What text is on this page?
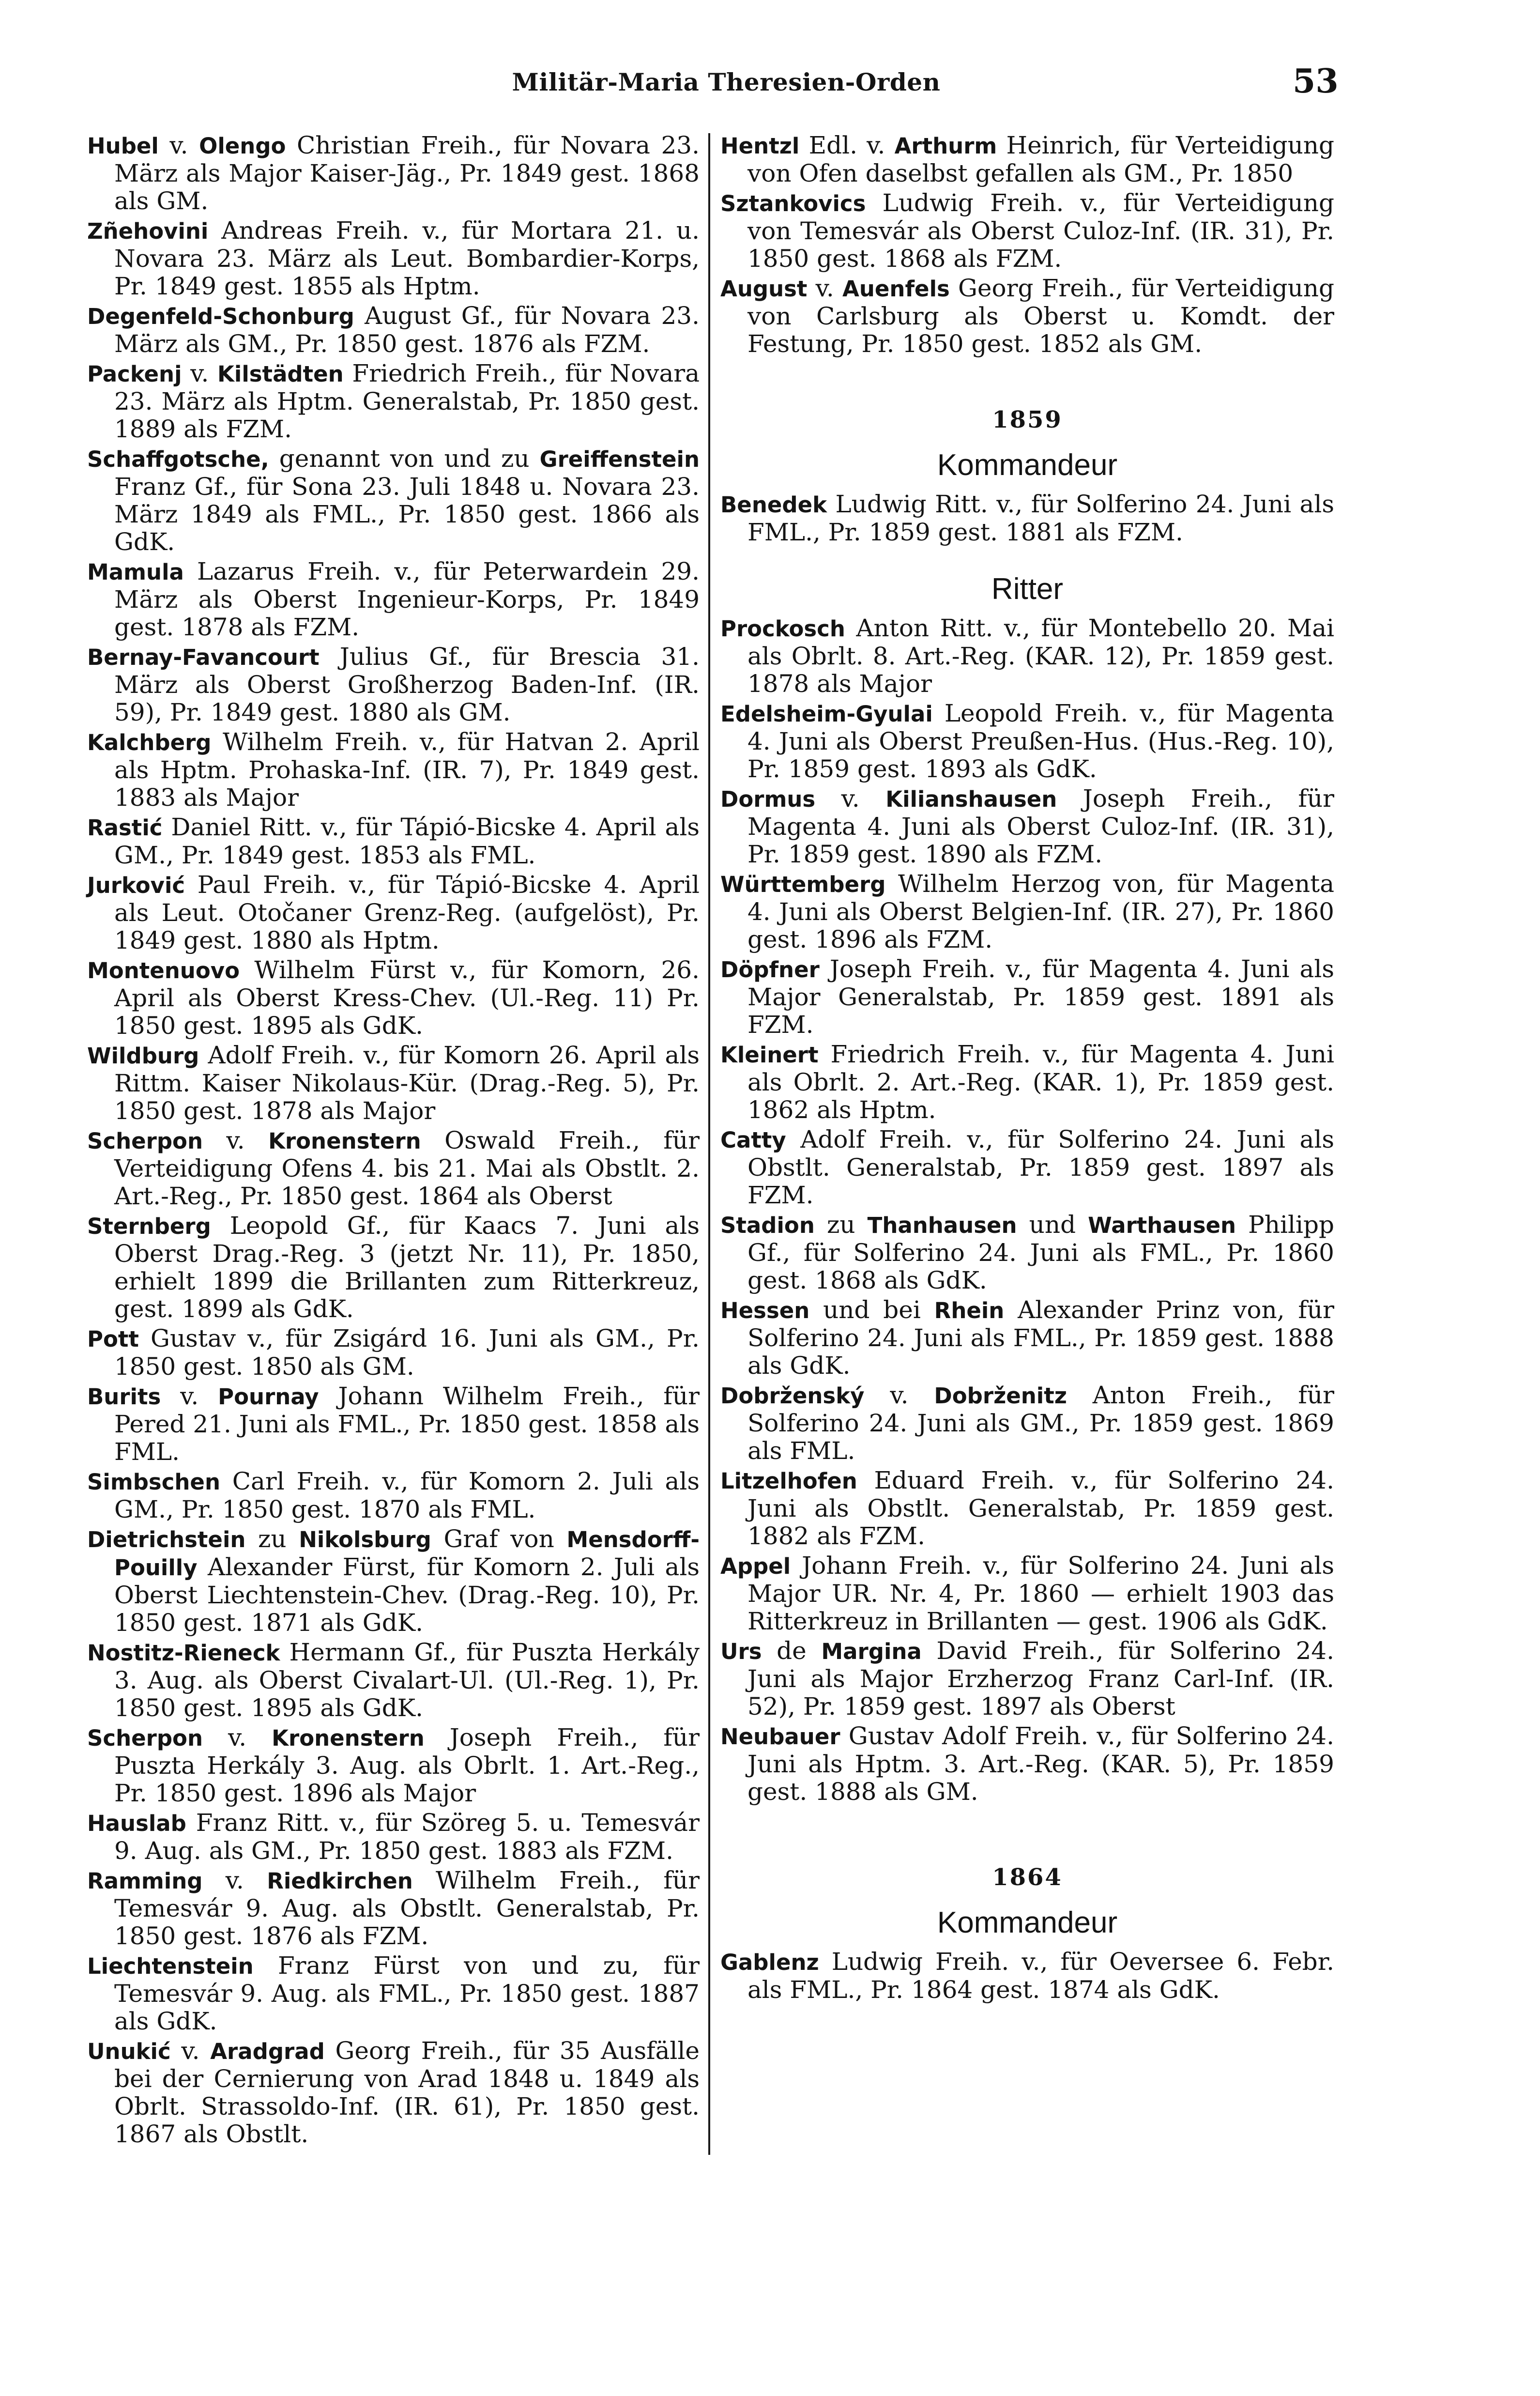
Militär-Maria Theresien-Orden	53

Hubel v. Olengo Christian Freih., für Novara 23. März als Major Kaiser-Jäg., Pr. 1849 gest. 1868 als GM.

Zñehovini Andreas Freih. v., für Mortara 21. u. Novara 23. März als Leut. Bombardier-Korps, Pr. 1849 gest. 1855 als Hptm.

Degenfeld-Schonburg August Gf., für Novara 23. März als GM., Pr. 1850 gest. 1876 als FZM.

Packenj v. Kilstädten Friedrich Freih., für Novara 23. März als Hptm. Generalstab, Pr. 1850 gest. 1889 als FZM.

Schaffgotsche, genannt von und zu Greiffenstein Franz Gf., für Sona 23. Juli 1848 u. Novara 23. März 1849 als FML., Pr. 1850 gest. 1866 als GdK.

Mamula Lazarus Freih. v., für Peterwardein 29. März als Oberst Ingenieur-Korps, Pr. 1849 gest. 1878 als FZM.

Bernay-Favancourt Julius Gf., für Brescia 31. März als Oberst Großherzog Baden-Inf. (IR. 59), Pr. 1849 gest. 1880 als GM.

Kalchberg Wilhelm Freih. v., für Hatvan 2. April als Hptm. Prohaska-Inf. (IR. 7), Pr. 1849 gest. 1883 als Major

Rastić Daniel Ritt. v., für Tápió-Bicske 4. April als GM., Pr. 1849 gest. 1853 als FML.

Jurković Paul Freih. v., für Tápió-Bicske 4. April als Leut. Otočaner Grenz-Reg. (aufgelöst), Pr. 1849 gest. 1880 als Hptm.

Montenuovo Wilhelm Fürst v., für Komorn, 26. April als Oberst Kress-Chev. (Ul.-Reg. 11) Pr. 1850 gest. 1895 als GdK.

Wildburg Adolf Freih. v., für Komorn 26. April als Rittm. Kaiser Nikolaus-Kür. (Drag.-Reg. 5), Pr. 1850 gest. 1878 als Major

Scherpon v. Kronenstern Oswald Freih., für Verteidigung Ofens 4. bis 21. Mai als Obstlt. 2. Art.-Reg., Pr. 1850 gest. 1864 als Oberst

Sternberg Leopold Gf., für Kaacs 7. Juni als Oberst Drag.-Reg. 3 (jetzt Nr. 11), Pr. 1850, erhielt 1899 die Brillanten zum Ritterkreuz, gest. 1899 als GdK.

Pott Gustav v., für Zsigárd 16. Juni als GM., Pr. 1850 gest. 1850 als GM.

Burits v. Pournay Johann Wilhelm Freih., für Pered 21. Juni als FML., Pr. 1850 gest. 1858 als FML.

Simbschen Carl Freih. v., für Komorn 2. Juli als GM., Pr. 1850 gest. 1870 als FML.

Dietrichstein zu Nikolsburg Graf von Mensdorff-Pouilly Alexander Fürst, für Komorn 2. Juli als Oberst Liechtenstein-Chev. (Drag.-Reg. 10), Pr. 1850 gest. 1871 als GdK.

Nostitz-Rieneck Hermann Gf., für Puszta Herkály 3. Aug. als Oberst Civalart-Ul. (Ul.-Reg. 1), Pr. 1850 gest. 1895 als GdK.

Scherpon v. Kronenstern Joseph Freih., für Puszta Herkály 3. Aug. als Obrlt. 1. Art.-Reg., Pr. 1850 gest. 1896 als Major

Hauslab Franz Ritt. v., für Szöreg 5. u. Temesvár 9. Aug. als GM., Pr. 1850 gest. 1883 als FZM.

Ramming v. Riedkirchen Wilhelm Freih., für Temesvár 9. Aug. als Obstlt. Generalstab, Pr. 1850 gest. 1876 als FZM.

Liechtenstein Franz Fürst von und zu, für Temesvár 9. Aug. als FML., Pr. 1850 gest. 1887 als GdK.

Unukić v. Aradgrad Georg Freih., für 35 Ausfälle bei der Cernierung von Arad 1848 u. 1849 als Obrlt. Strassoldo-Inf. (IR. 61), Pr. 1850 gest. 1867 als Obstlt.

Hentzl Edl. v. Arthurm Heinrich, für Verteidigung von Ofen daselbst gefallen als GM., Pr. 1850

Sztankovics Ludwig Freih. v., für Verteidigung von Temesvár als Oberst Culoz-Inf. (IR. 31), Pr. 1850 gest. 1868 als FZM.

August v. Auenfels Georg Freih., für Verteidigung von Carlsburg als Oberst u. Komdt. der Festung, Pr. 1850 gest. 1852 als GM.

1859

Kommandeur

Benedek Ludwig Ritt. v., für Solferino 24. Juni als FML., Pr. 1859 gest. 1881 als FZM.

Ritter

Prockosch Anton Ritt. v., für Montebello 20. Mai als Obrlt. 8. Art.-Reg. (KAR. 12), Pr. 1859 gest. 1878 als Major

Edelsheim-Gyulai Leopold Freih. v., für Magenta 4. Juni als Oberst Preußen-Hus. (Hus.-Reg. 10), Pr. 1859 gest. 1893 als GdK.

Dormus v. Kilianshausen Joseph Freih., für Magenta 4. Juni als Oberst Culoz-Inf. (IR. 31), Pr. 1859 gest. 1890 als FZM.

Württemberg Wilhelm Herzog von, für Magenta 4. Juni als Oberst Belgien-Inf. (IR. 27), Pr. 1860 gest. 1896 als FZM.

Döpfner Joseph Freih. v., für Magenta 4. Juni als Major Generalstab, Pr. 1859 gest. 1891 als FZM.

Kleinert Friedrich Freih. v., für Magenta 4. Juni als Obrlt. 2. Art.-Reg. (KAR. 1), Pr. 1859 gest. 1862 als Hptm.

Catty Adolf Freih. v., für Solferino 24. Juni als Obstlt. Generalstab, Pr. 1859 gest. 1897 als FZM.

Stadion zu Thanhausen und Warthausen Philipp Gf., für Solferino 24. Juni als FML., Pr. 1860 gest. 1868 als GdK.

Hessen und bei Rhein Alexander Prinz von, für Solferino 24. Juni als FML., Pr. 1859 gest. 1888 als GdK.

Dobrženský v. Dobrženitz Anton Freih., für Solferino 24. Juni als GM., Pr. 1859 gest. 1869 als FML.

Litzelhofen Eduard Freih. v., für Solferino 24. Juni als Obstlt. Generalstab, Pr. 1859 gest. 1882 als FZM.

Appel Johann Freih. v., für Solferino 24. Juni als Major UR. Nr. 4, Pr. 1860 — erhielt 1903 das Ritterkreuz in Brillanten — gest. 1906 als GdK.

Urs de Margina David Freih., für Solferino 24. Juni als Major Erzherzog Franz Carl-Inf. (IR. 52), Pr. 1859 gest. 1897 als Oberst

Neubauer Gustav Adolf Freih. v., für Solferino 24. Juni als Hptm. 3. Art.-Reg. (KAR. 5), Pr. 1859 gest. 1888 als GM.

1864

Kommandeur

Gablenz Ludwig Freih. v., für Oeversee 6. Febr. als FML., Pr. 1864 gest. 1874 als GdK.
